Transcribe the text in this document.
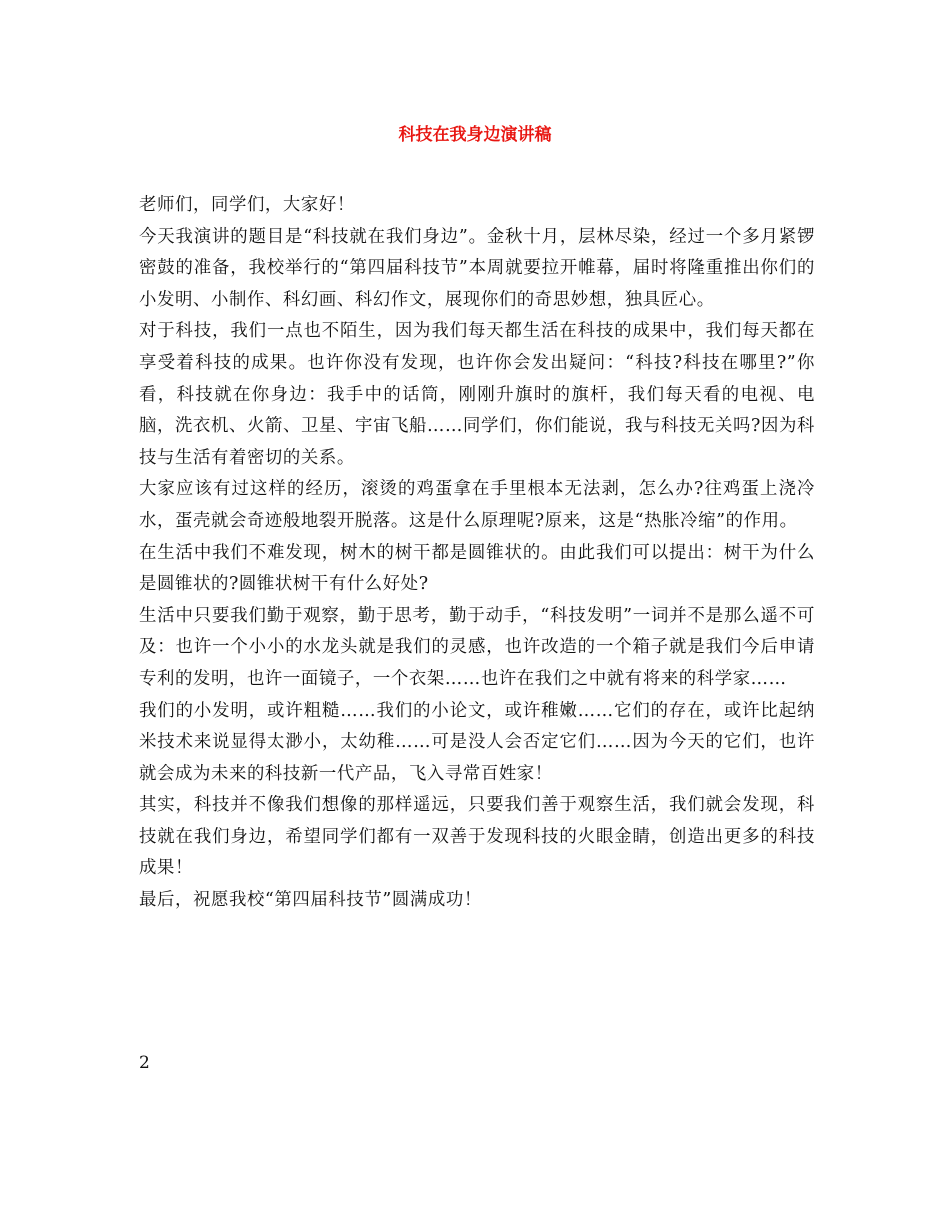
科技在我身边演讲稿

老师们，同学们，大家好！

今天我演讲的题目是“科技就在我们身边”。金秋十月，层林尽染，经过一个多月紧锣密鼓的准备，我校举行的“第四届科技节”本周就要拉开帷幕，届时将隆重推出你们的小发明、小制作、科幻画、科幻作文，展现你们的奇思妙想，独具匠心。

对于科技，我们一点也不陌生，因为我们每天都生活在科技的成果中，我们每天都在享受着科技的成果。也许你没有发现，也许你会发出疑问：“科技?科技在哪里?”你看，科技就在你身边：我手中的话筒，刚刚升旗时的旗杆，我们每天看的电视、电脑，洗衣机、火箭、卫星、宇宙飞船……同学们，你们能说，我与科技无关吗?因为科技与生活有着密切的关系。

大家应该有过这样的经历，滚烫的鸡蛋拿在手里根本无法剥，怎么办?往鸡蛋上浇冷水，蛋壳就会奇迹般地裂开脱落。这是什么原理呢?原来，这是“热胀冷缩”的作用。

在生活中我们不难发现，树木的树干都是圆锥状的。由此我们可以提出：树干为什么是圆锥状的?圆锥状树干有什么好处?

生活中只要我们勤于观察，勤于思考，勤于动手，“科技发明”一词并不是那么遥不可及：也许一个小小的水龙头就是我们的灵感，也许改造的一个箱子就是我们今后申请专利的发明，也许一面镜子，一个衣架……也许在我们之中就有将来的科学家……

我们的小发明，或许粗糙……我们的小论文，或许稚嫩……它们的存在，或许比起纳米技术来说显得太渺小，太幼稚……可是没人会否定它们……因为今天的它们，也许就会成为未来的科技新一代产品，飞入寻常百姓家！

其实，科技并不像我们想像的那样遥远，只要我们善于观察生活，我们就会发现，科技就在我们身边，希望同学们都有一双善于发现科技的火眼金睛，创造出更多的科技成果！

最后，祝愿我校“第四届科技节”圆满成功！

2
